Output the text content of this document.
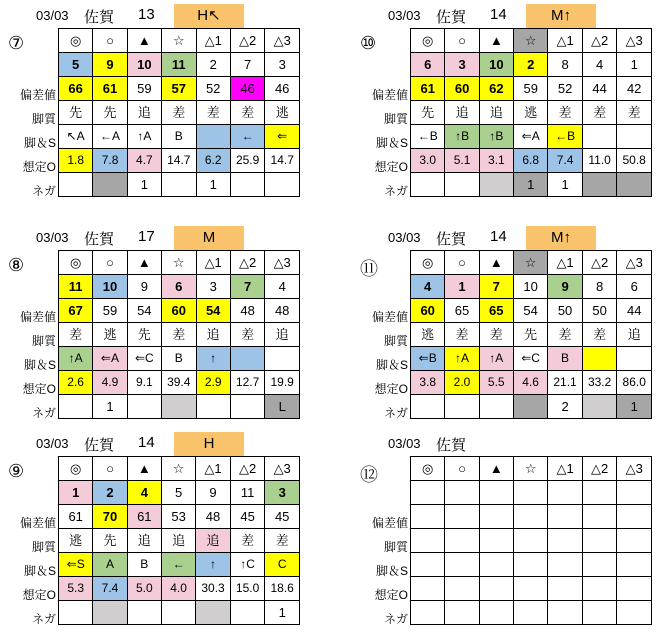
03/03 佐賀 13	H↖
⑦
偏差値
脚質
脚＆S
想定O
ネガ
◎	○	▲	☆	△1	△2	△3
5	9	10	11	2	7	3
66	61	59	57	52	46	46
先	先	追	差	差	差	逃
↖A	←A	↑A	B		←	⇐
1.8	7.8	4.7	14.7	6.2	25.9	14.7
		1		1		
03/03 佐賀 14	M↑
⑩
偏差値
脚質
脚＆S
想定O
ネガ
◎	○	▲	☆	△1	△2	△3
6	3	10	2	8	4	1
61	60	62	59	52	44	42
先	追	追	逃	差	差	差
←B	↑B	↑B	⇐A	←B		
3.0	5.1	3.1	6.8	7.4	11.0	50.8
			1	1		
03/03 佐賀 17	M
⑧
偏差値
脚質
脚＆S
想定O
ネガ
◎	○	▲	☆	△1	△2	△3
11	10	9	6	3	7	4
67	59	54	60	54	48	48
差	逃	先	差	追	差	追
↑A	⇐A	⇐C	B	↑		
2.6	4.9	9.1	39.4	2.9	12.7	19.9
	1					L
03/03 佐賀 14	M↑
⑪
偏差値
脚質
脚＆S
想定O
ネガ
◎	○	▲	☆	△1	△2	△3
4	1	7	10	9	8	6
60	65	65	54	50	50	44
逃	差	差	先	差	差	追
⇐B	↑A	↑A	⇐C	B		
3.8	2.0	5.5	4.6	21.1	33.2	86.0
				2		1
03/03 佐賀 14	H
⑨
偏差値
脚質
脚＆S
想定O
ネガ
◎	○	▲	☆	△1	△2	△3
1	2	4	5	9	11	3
61	70	61	53	48	45	45
逃	先	追	追	追	差	差
⇐S	A	B	←	↑	↑C	C
5.3	7.4	5.0	4.0	30.3	15.0	18.6
						1
03/03 佐賀
⑫
偏差値
脚質
脚＆S
想定O
ネガ
◎	○	▲	☆	△1	△2	△3
